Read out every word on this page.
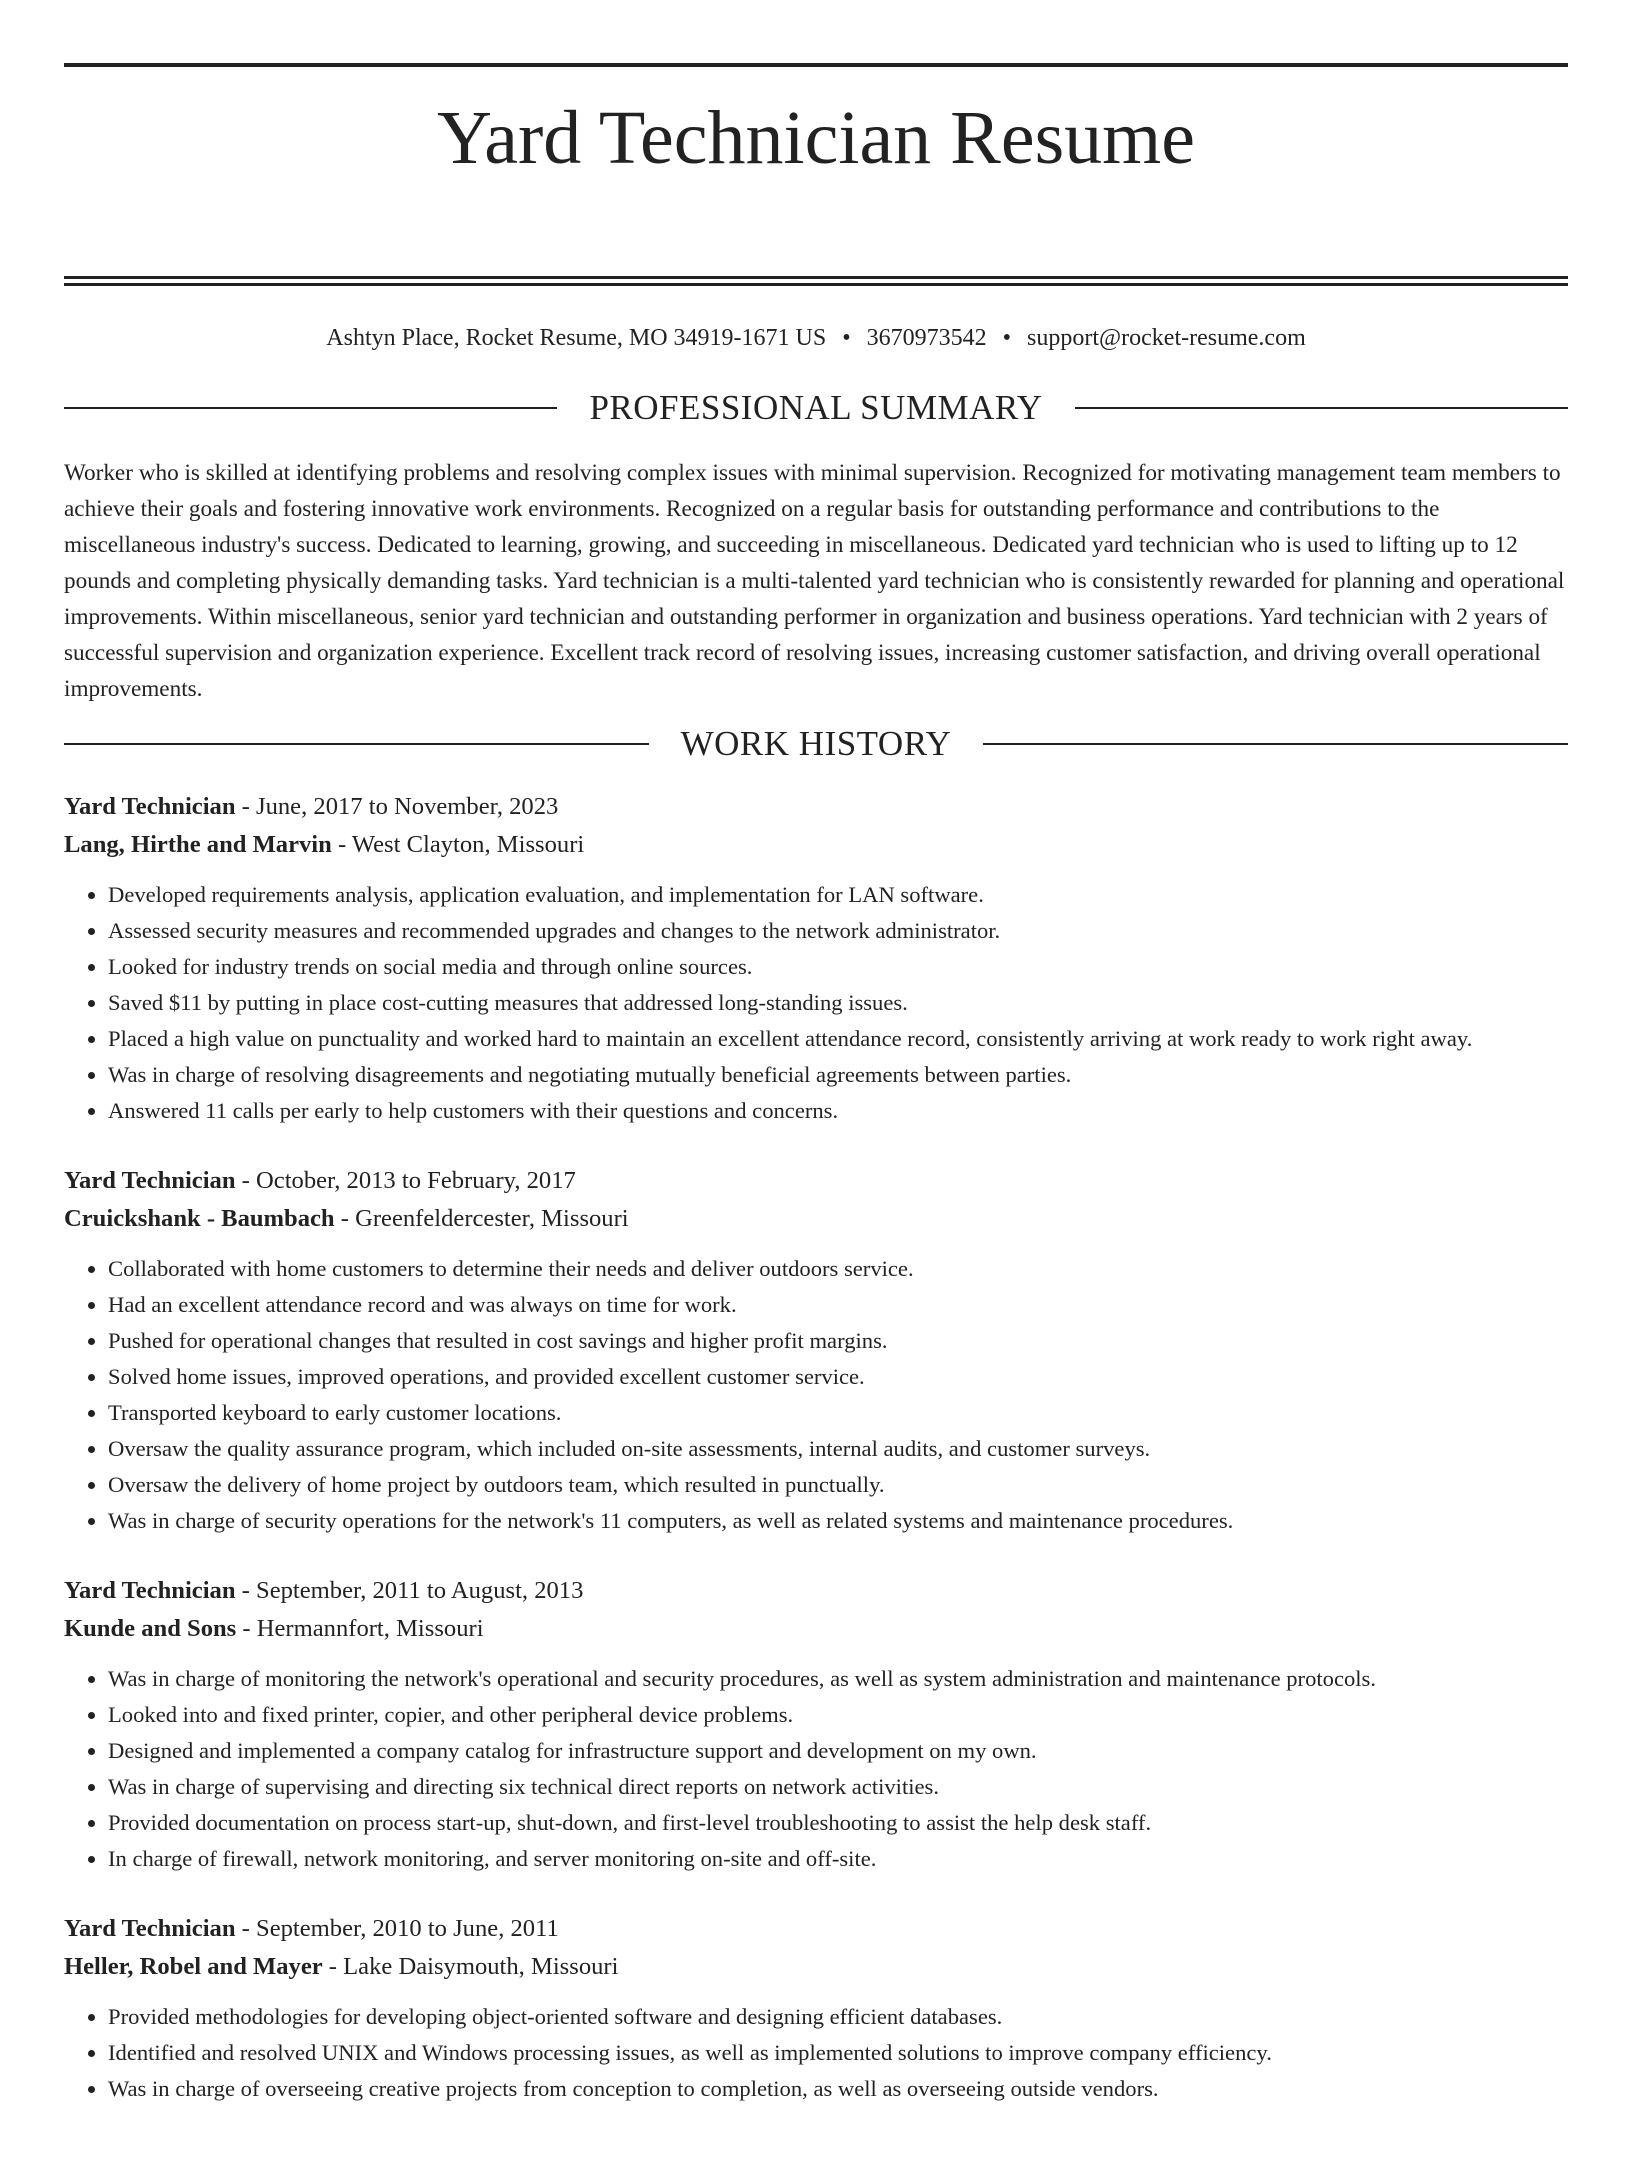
Yard Technician Resume
Ashtyn Place, Rocket Resume, MO 34919-1671 US • 3670973542 • support@rocket-resume.com
PROFESSIONAL SUMMARY

Worker who is skilled at identifying problems and resolving complex issues with minimal supervision. Recognized for motivating management team members to achieve their goals and fostering innovative work environments. Recognized on a regular basis for outstanding performance and contributions to the miscellaneous industry's success. Dedicated to learning, growing, and succeeding in miscellaneous. Dedicated yard technician who is used to lifting up to 12 pounds and completing physically demanding tasks. Yard technician is a multi-talented yard technician who is consistently rewarded for planning and operational improvements. Within miscellaneous, senior yard technician and outstanding performer in organization and business operations. Yard technician with 2 years of successful supervision and organization experience. Excellent track record of resolving issues, increasing customer satisfaction, and driving overall operational improvements.

WORK HISTORY
Yard Technician - June, 2017 to November, 2023
Lang, Hirthe and Marvin - West Clayton, Missouri
• Developed requirements analysis, application evaluation, and implementation for LAN software.
• Assessed security measures and recommended upgrades and changes to the network administrator.
• Looked for industry trends on social media and through online sources.
• Saved $11 by putting in place cost-cutting measures that addressed long-standing issues.
• Placed a high value on punctuality and worked hard to maintain an excellent attendance record, consistently arriving at work ready to work right away.
• Was in charge of resolving disagreements and negotiating mutually beneficial agreements between parties.
• Answered 11 calls per early to help customers with their questions and concerns.
Yard Technician - October, 2013 to February, 2017
Cruickshank - Baumbach - Greenfeldercester, Missouri
• Collaborated with home customers to determine their needs and deliver outdoors service.
• Had an excellent attendance record and was always on time for work.
• Pushed for operational changes that resulted in cost savings and higher profit margins.
• Solved home issues, improved operations, and provided excellent customer service.
• Transported keyboard to early customer locations.
• Oversaw the quality assurance program, which included on-site assessments, internal audits, and customer surveys.
• Oversaw the delivery of home project by outdoors team, which resulted in punctually.
• Was in charge of security operations for the network's 11 computers, as well as related systems and maintenance procedures.
Yard Technician - September, 2011 to August, 2013
Kunde and Sons - Hermannfort, Missouri
• Was in charge of monitoring the network's operational and security procedures, as well as system administration and maintenance protocols.
• Looked into and fixed printer, copier, and other peripheral device problems.
• Designed and implemented a company catalog for infrastructure support and development on my own.
• Was in charge of supervising and directing six technical direct reports on network activities.
• Provided documentation on process start-up, shut-down, and first-level troubleshooting to assist the help desk staff.
• In charge of firewall, network monitoring, and server monitoring on-site and off-site.
Yard Technician - September, 2010 to June, 2011
Heller, Robel and Mayer - Lake Daisymouth, Missouri
• Provided methodologies for developing object-oriented software and designing efficient databases.
• Identified and resolved UNIX and Windows processing issues, as well as implemented solutions to improve company efficiency.
• Was in charge of overseeing creative projects from conception to completion, as well as overseeing outside vendors.
